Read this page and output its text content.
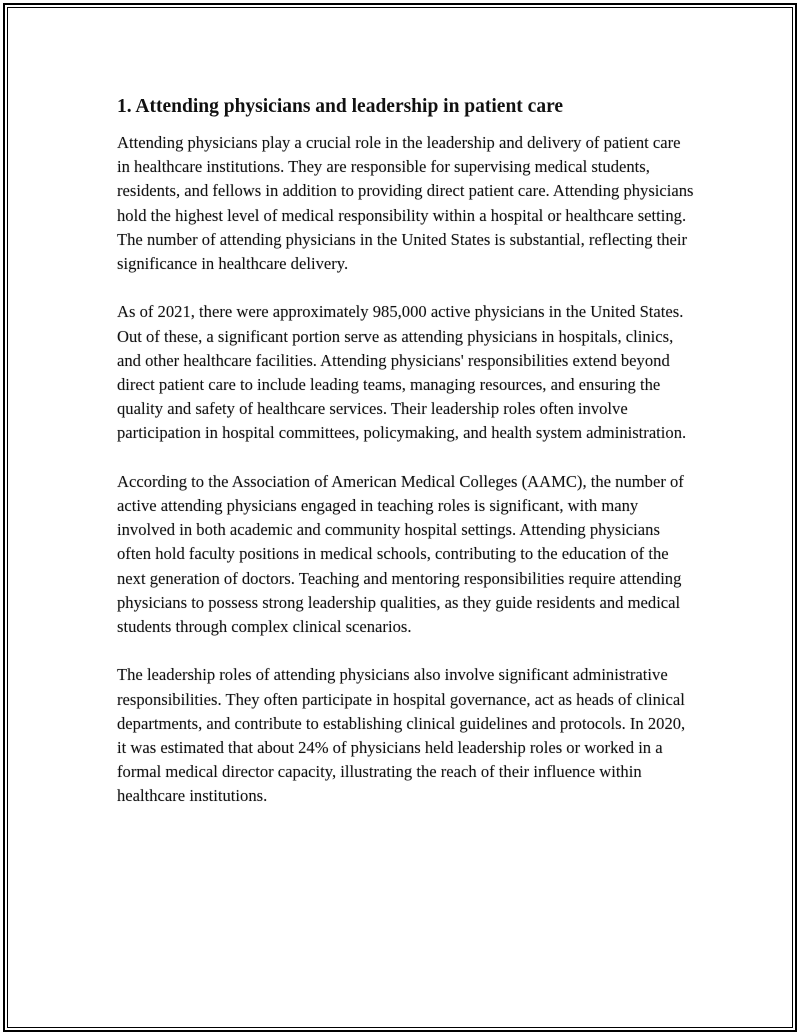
1. Attending physicians and leadership in patient care

Attending physicians play a crucial role in the leadership and delivery of patient care in healthcare institutions. They are responsible for supervising medical students, residents, and fellows in addition to providing direct patient care. Attending physicians hold the highest level of medical responsibility within a hospital or healthcare setting. The number of attending physicians in the United States is substantial, reflecting their significance in healthcare delivery.

As of 2021, there were approximately 985,000 active physicians in the United States. Out of these, a significant portion serve as attending physicians in hospitals, clinics, and other healthcare facilities. Attending physicians' responsibilities extend beyond direct patient care to include leading teams, managing resources, and ensuring the quality and safety of healthcare services. Their leadership roles often involve participation in hospital committees, policymaking, and health system administration.

According to the Association of American Medical Colleges (AAMC), the number of active attending physicians engaged in teaching roles is significant, with many involved in both academic and community hospital settings. Attending physicians often hold faculty positions in medical schools, contributing to the education of the next generation of doctors. Teaching and mentoring responsibilities require attending physicians to possess strong leadership qualities, as they guide residents and medical students through complex clinical scenarios.

The leadership roles of attending physicians also involve significant administrative responsibilities. They often participate in hospital governance, act as heads of clinical departments, and contribute to establishing clinical guidelines and protocols. In 2020, it was estimated that about 24% of physicians held leadership roles or worked in a formal medical director capacity, illustrating the reach of their influence within healthcare institutions.
